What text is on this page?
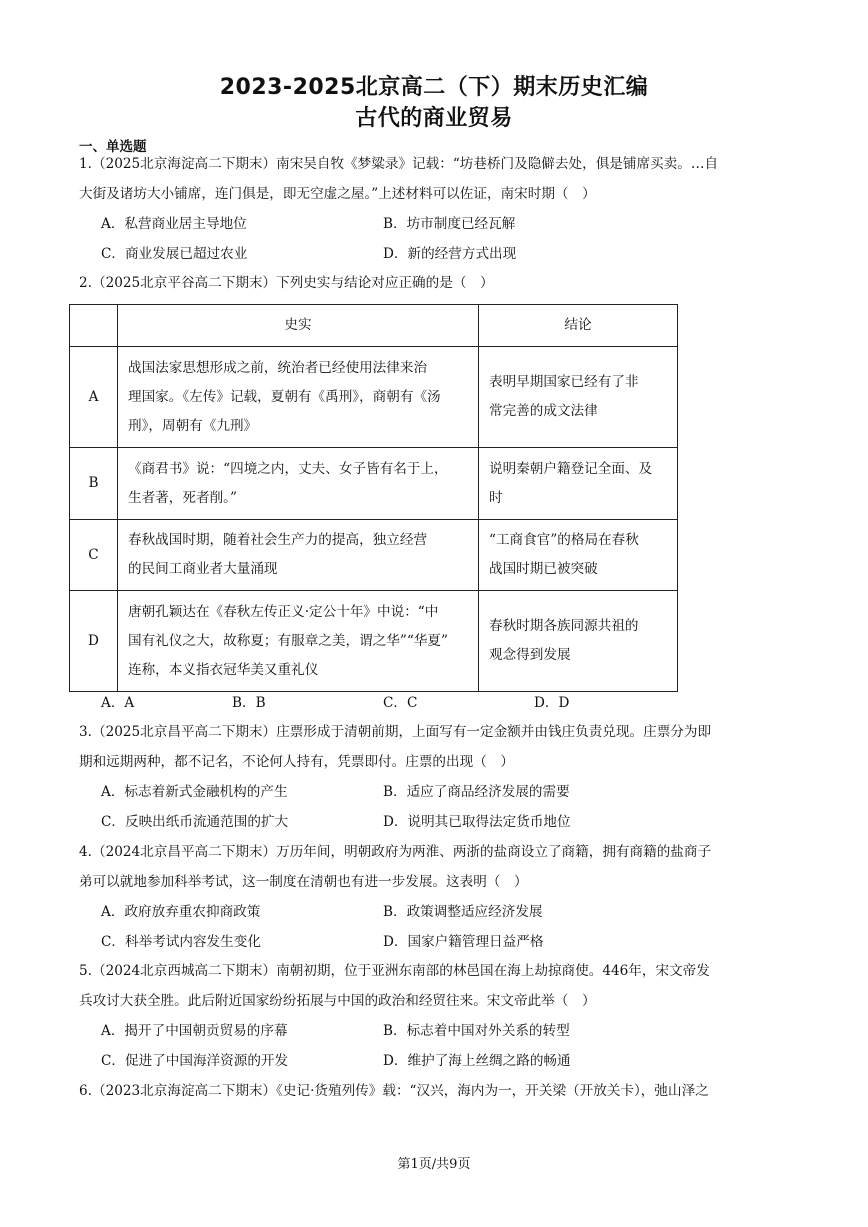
2023-2025北京高二（下）期末历史汇编
古代的商业贸易
一、单选题
1.（2025北京海淀高二下期末）南宋吴自牧《梦粱录》记载：“坊巷桥门及隐僻去处，俱是铺席买卖。…自
大街及诸坊大小铺席，连门俱是，即无空虚之屋。”上述材料可以佐证，南宋时期（　）
A．私营商业居主导地位	B．坊市制度已经瓦解
C．商业发展已超过农业	D．新的经营方式出现
2.（2025北京平谷高二下期末）下列史实与结论对应正确的是（　）
	史实	结论
A	战国法家思想形成之前，统治者已经使用法律来治
理国家。《左传》记载，夏朝有《禹刑》，商朝有《汤
刑》，周朝有《九刑》	表明早期国家已经有了非
常完善的成文法律

B	《商君书》说：“四境之内，丈夫、女子皆有名于上，
生者著，死者削。”	说明秦朝户籍登记全面、及
时

C	春秋战国时期，随着社会生产力的提高，独立经营
的民间工商业者大量涌现	“工商食官”的格局在春秋
战国时期已被突破

D	唐朝孔颖达在《春秋左传正义·定公十年》中说：“中
国有礼仪之大，故称夏；有服章之美，谓之华”“华夏”
连称，本义指衣冠华美又重礼仪	春秋时期各族同源共祖的
观念得到发展
A．A	B．B	C．C	D．D
3.（2025北京昌平高二下期末）庄票形成于清朝前期，上面写有一定金额并由钱庄负责兑现。庄票分为即
期和远期两种，都不记名，不论何人持有，凭票即付。庄票的出现（　）
A．标志着新式金融机构的产生	B．适应了商品经济发展的需要
C．反映出纸币流通范围的扩大	D．说明其已取得法定货币地位
4.（2024北京昌平高二下期末）万历年间，明朝政府为两淮、两浙的盐商设立了商籍，拥有商籍的盐商子
弟可以就地参加科举考试，这一制度在清朝也有进一步发展。这表明（　）
A．政府放弃重农抑商政策	B．政策调整适应经济发展
C．科举考试内容发生变化	D．国家户籍管理日益严格
5.（2024北京西城高二下期末）南朝初期，位于亚洲东南部的林邑国在海上劫掠商使。446年，宋文帝发
兵攻讨大获全胜。此后附近国家纷纷拓展与中国的政治和经贸往来。宋文帝此举（　）
A．揭开了中国朝贡贸易的序幕	B．标志着中国对外关系的转型
C．促进了中国海洋资源的开发	D．维护了海上丝绸之路的畅通
6.（2023北京海淀高二下期末）《史记·货殖列传》载：“汉兴，海内为一，开关梁（开放关卡），弛山泽之
第1页/共9页
